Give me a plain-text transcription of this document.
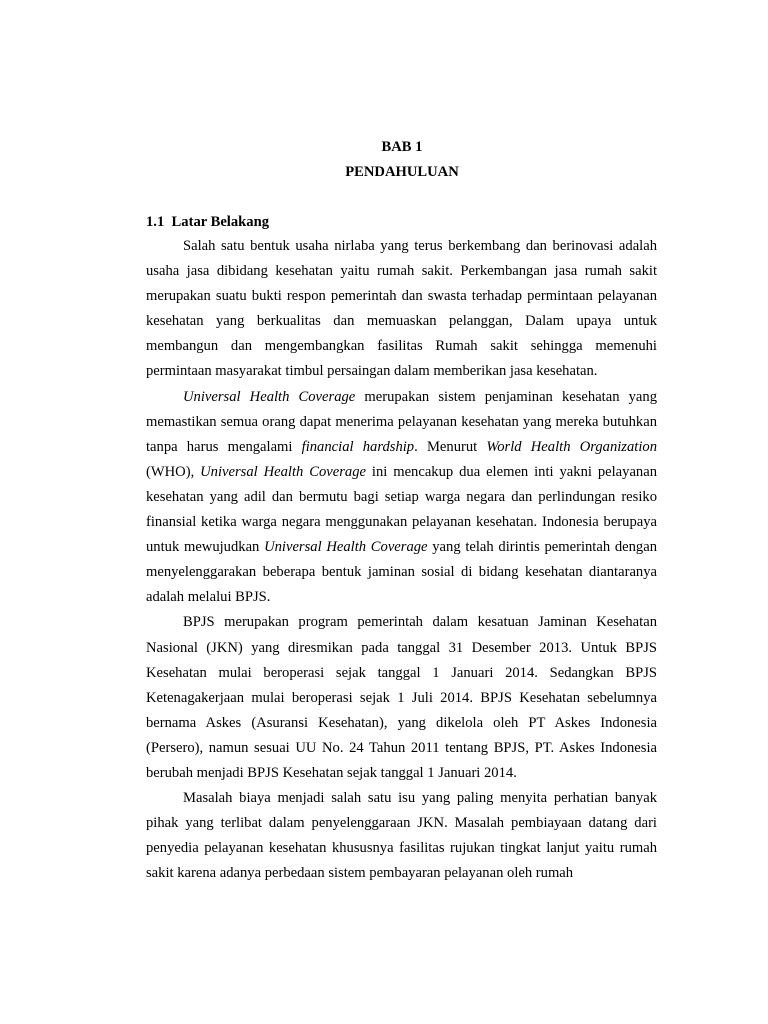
BAB 1
PENDAHULUAN
1.1 Latar Belakang

Salah satu bentuk usaha nirlaba yang terus berkembang dan berinovasi adalah usaha jasa dibidang kesehatan yaitu rumah sakit. Perkembangan jasa rumah sakit merupakan suatu bukti respon pemerintah dan swasta terhadap permintaan pelayanan kesehatan yang berkualitas dan memuaskan pelanggan, Dalam upaya untuk membangun dan mengembangkan fasilitas Rumah sakit sehingga memenuhi permintaan masyarakat timbul persaingan dalam memberikan jasa kesehatan.

Universal Health Coverage merupakan sistem penjaminan kesehatan yang memastikan semua orang dapat menerima pelayanan kesehatan yang mereka butuhkan tanpa harus mengalami financial hardship. Menurut World Health Organization (WHO), Universal Health Coverage ini mencakup dua elemen inti yakni pelayanan kesehatan yang adil dan bermutu bagi setiap warga negara dan perlindungan resiko finansial ketika warga negara menggunakan pelayanan kesehatan. Indonesia berupaya untuk mewujudkan Universal Health Coverage yang telah dirintis pemerintah dengan menyelenggarakan beberapa bentuk jaminan sosial di bidang kesehatan diantaranya adalah melalui BPJS.

BPJS merupakan program pemerintah dalam kesatuan Jaminan Kesehatan Nasional (JKN) yang diresmikan pada tanggal 31 Desember 2013. Untuk BPJS Kesehatan mulai beroperasi sejak tanggal 1 Januari 2014. Sedangkan BPJS Ketenagakerjaan mulai beroperasi sejak 1 Juli 2014. BPJS Kesehatan sebelumnya bernama Askes (Asuransi Kesehatan), yang dikelola oleh PT Askes Indonesia (Persero), namun sesuai UU No. 24 Tahun 2011 tentang BPJS, PT. Askes Indonesia berubah menjadi BPJS Kesehatan sejak tanggal 1 Januari 2014.

Masalah biaya menjadi salah satu isu yang paling menyita perhatian banyak pihak yang terlibat dalam penyelenggaraan JKN. Masalah pembiayaan datang dari penyedia pelayanan kesehatan khususnya fasilitas rujukan tingkat lanjut yaitu rumah sakit karena adanya perbedaan sistem pembayaran pelayanan oleh rumah
